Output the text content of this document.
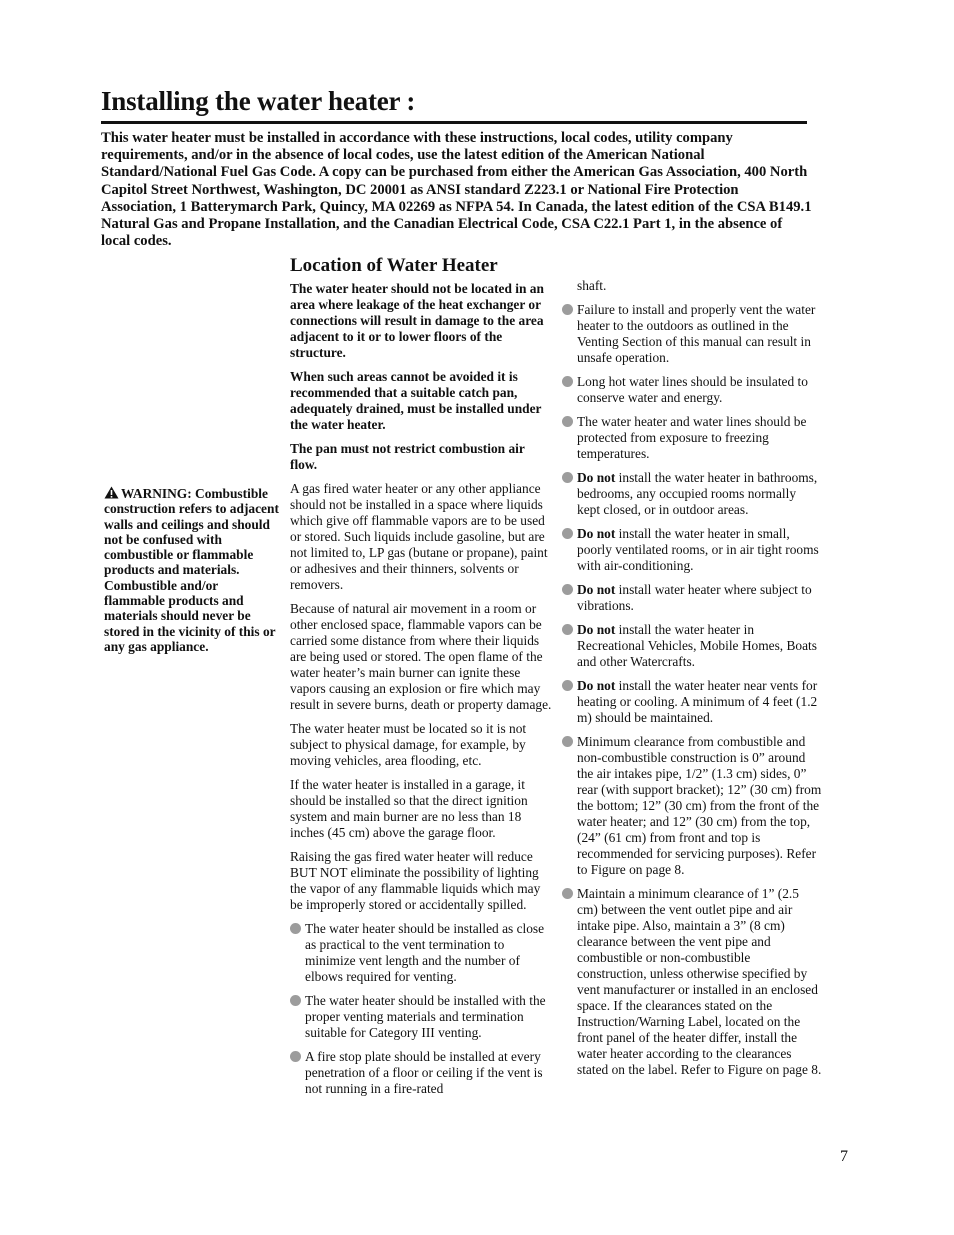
Installing the water heater :

This water heater must be installed in accordance with these instructions, local codes, utility company requirements, and/or in the absence of local codes, use the latest edition of the American National Standard/National Fuel Gas Code. A copy can be purchased from either the American Gas Association, 400 North Capitol Street Northwest, Washington, DC 20001 as ANSI standard Z223.1 or National Fire Protection Association, 1 Batterymarch Park, Quincy, MA 02269 as NFPA 54. In Canada, the latest edition of the CSA B149.1 Natural Gas and Propane Installation, and the Canadian Electrical Code, CSA C22.1 Part 1, in the absence of local codes.

WARNING: Combustible construction refers to adjacent walls and ceilings and should not be confused with combustible or flammable products and materials. Combustible and/or flammable products and materials should never be stored in the vicinity of this or any gas appliance.

Location of Water Heater

The water heater should not be located in an area where leakage of the heat exchanger or connections will result in damage to the area adjacent to it or to lower floors of the structure.

When such areas cannot be avoided it is recommended that a suitable catch pan, adequately drained, must be installed under the water heater.

The pan must not restrict combustion air flow.

A gas fired water heater or any other appliance should not be installed in a space where liquids which give off flammable vapors are to be used or stored. Such liquids include gasoline, but are not limited to, LP gas (butane or propane), paint or adhesives and their thinners, solvents or removers.

Because of natural air movement in a room or other enclosed space, flammable vapors can be carried some distance from where their liquids are being used or stored. The open flame of the water heater’s main burner can ignite these vapors causing an explosion or fire which may result in severe burns, death or property damage.

The water heater must be located so it is not subject to physical damage, for example, by moving vehicles, area flooding, etc.

If the water heater is installed in a garage, it should be installed so that the direct ignition system and main burner are no less than 18 inches (45 cm) above the garage floor.

Raising the gas fired water heater will reduce BUT NOT eliminate the possibility of lighting the vapor of any flammable liquids which may be improperly stored or accidentally spilled.

The water heater should be installed as close as practical to the vent termination to minimize vent length and the number of elbows required for venting.
The water heater should be installed with the proper venting materials and termination suitable for Category III venting.
A fire stop plate should be installed at every penetration of a floor or ceiling if the vent is not running in a fire-rated

shaft.

Failure to install and properly vent the water heater to the outdoors as outlined in the Venting Section of this manual can result in unsafe operation.
Long hot water lines should be insulated to conserve water and energy.
The water heater and water lines should be protected from exposure to freezing temperatures.
Do not install the water heater in bathrooms, bedrooms, any occupied rooms normally kept closed, or in outdoor areas.
Do not install the water heater in small, poorly ventilated rooms, or in air tight rooms with air-conditioning.
Do not install water heater where subject to vibrations.
Do not install the water heater in Recreational Vehicles, Mobile Homes, Boats and other Watercrafts.
Do not install the water heater near vents for heating or cooling. A minimum of 4 feet (1.2 m) should be maintained.
Minimum clearance from combustible and non-combustible construction is 0” around the air intakes pipe, 1/2” (1.3 cm) sides, 0” rear (with support bracket); 12” (30 cm) from the bottom; 12” (30 cm) from the front of the water heater; and 12” (30 cm) from the top, (24” (61 cm) from front and top is recommended for servicing purposes). Refer to Figure on page 8.
Maintain a minimum clearance of 1” (2.5 cm) between the vent outlet pipe and air intake pipe. Also, maintain a 3” (8 cm) clearance between the vent pipe and combustible or non-combustible construction, unless otherwise specified by vent manufacturer or installed in an enclosed space. If the clearances stated on the Instruction/Warning Label, located on the front panel of the heater differ, install the water heater according to the clearances stated on the label. Refer to Figure on page 8.
7
